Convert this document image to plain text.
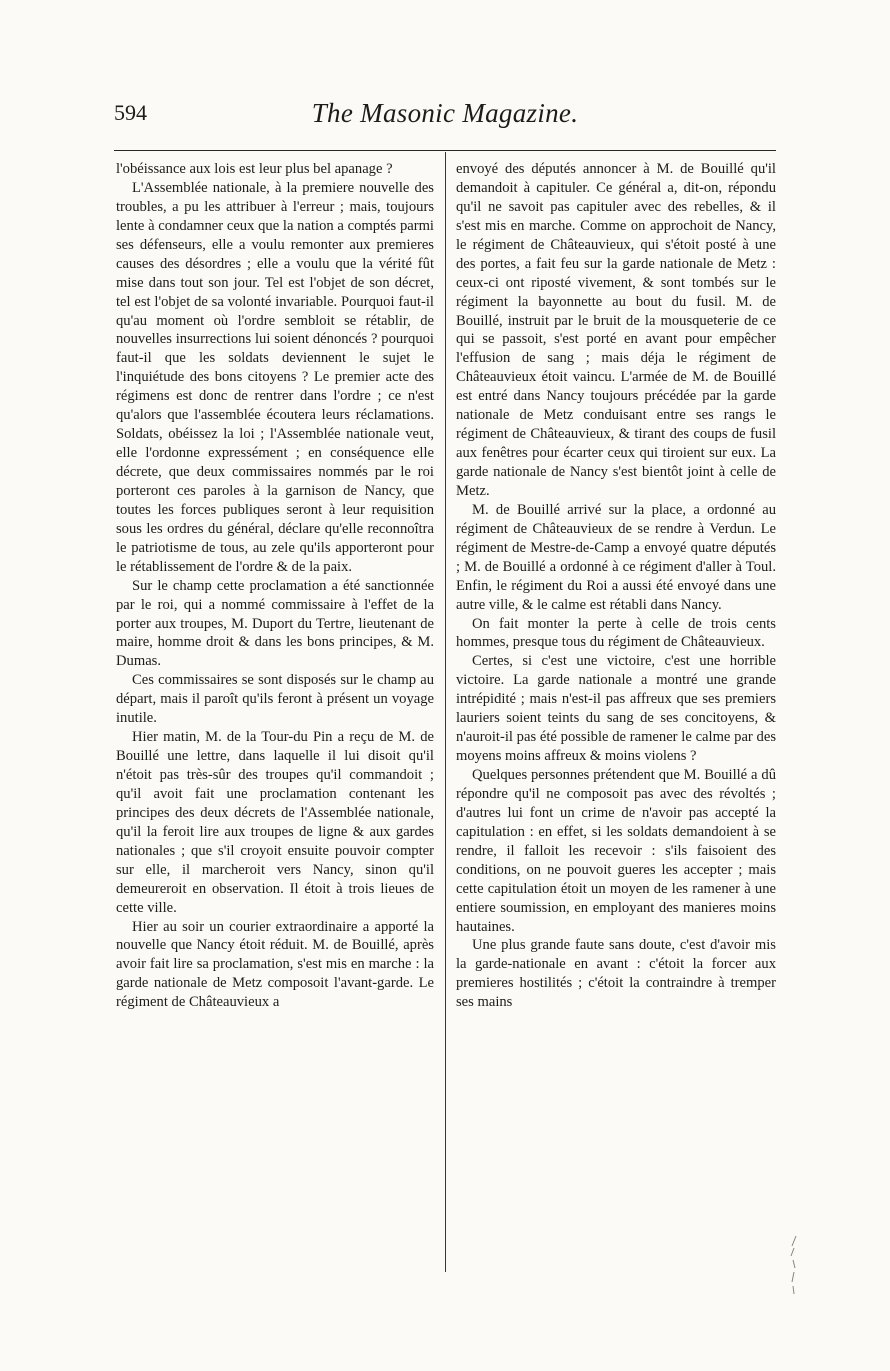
594	The Masonic Magazine.

l'obéissance aux lois est leur plus bel apanage ?

L'Assemblée nationale, à la premiere nouvelle des troubles, a pu les attribuer à l'erreur ; mais, toujours lente à condamner ceux que la nation a comptés parmi ses défenseurs, elle a voulu remonter aux premieres causes des désordres ; elle a voulu que la vérité fût mise dans tout son jour. Tel est l'objet de son décret, tel est l'objet de sa volonté invariable. Pourquoi faut-il qu'au moment où l'ordre sembloit se rétablir, de nouvelles insurrections lui soient dénoncés ? pourquoi faut-il que les soldats deviennent le sujet le l'inquiétude des bons citoyens ? Le premier acte des régimens est donc de rentrer dans l'ordre ; ce n'est qu'alors que l'assemblée écoutera leurs réclamations. Soldats, obéissez la loi ; l'Assemblée nationale veut, elle l'ordonne expressément ; en conséquence elle décrete, que deux commissaires nommés par le roi porteront ces paroles à la garnison de Nancy, que toutes les forces publiques seront à leur requisition sous les ordres du général, déclare qu'elle reconnoîtra le patriotisme de tous, au zele qu'ils apporteront pour le rétablissement de l'ordre & de la paix.

Sur le champ cette proclamation a été sanctionnée par le roi, qui a nommé commissaire à l'effet de la porter aux troupes, M. Duport du Tertre, lieutenant de maire, homme droit & dans les bons principes, & M. Dumas.

Ces commissaires se sont disposés sur le champ au départ, mais il paroît qu'ils feront à présent un voyage inutile.

Hier matin, M. de la Tour-du Pin a reçu de M. de Bouillé une lettre, dans laquelle il lui disoit qu'il n'étoit pas très-sûr des troupes qu'il commandoit ; qu'il avoit fait une proclamation contenant les principes des deux décrets de l'Assemblée nationale, qu'il la feroit lire aux troupes de ligne & aux gardes nationales ; que s'il croyoit ensuite pouvoir compter sur elle, il marcheroit vers Nancy, sinon qu'il demeureroit en observation. Il étoit à trois lieues de cette ville.

Hier au soir un courier extraordinaire a apporté la nouvelle que Nancy étoit réduit. M. de Bouillé, après avoir fait lire sa proclamation, s'est mis en marche : la garde nationale de Metz composoit l'avant-garde. Le régiment de Châteauvieux a

envoyé des députés annoncer à M. de Bouillé qu'il demandoit à capituler. Ce général a, dit-on, répondu qu'il ne savoit pas capituler avec des rebelles, & il s'est mis en marche. Comme on approchoit de Nancy, le régiment de Châteauvieux, qui s'étoit posté à une des portes, a fait feu sur la garde nationale de Metz : ceux-ci ont riposté vivement, & sont tombés sur le régiment la bayonnette au bout du fusil. M. de Bouillé, instruit par le bruit de la mousqueterie de ce qui se passoit, s'est porté en avant pour empêcher l'effusion de sang ; mais déja le régiment de Châteauvieux étoit vaincu. L'armée de M. de Bouillé est entré dans Nancy toujours précédée par la garde nationale de Metz conduisant entre ses rangs le régiment de Châteauvieux, & tirant des coups de fusil aux fenêtres pour écarter ceux qui tiroient sur eux. La garde nationale de Nancy s'est bientôt joint à celle de Metz.

M. de Bouillé arrivé sur la place, a ordonné au régiment de Châteauvieux de se rendre à Verdun. Le régiment de Mestre-de-Camp a envoyé quatre députés ; M. de Bouillé a ordonné à ce régiment d'aller à Toul. Enfin, le régiment du Roi a aussi été envoyé dans une autre ville, & le calme est rétabli dans Nancy.

On fait monter la perte à celle de trois cents hommes, presque tous du régiment de Châteauvieux.

Certes, si c'est une victoire, c'est une horrible victoire. La garde nationale a montré une grande intrépidité ; mais n'est-il pas affreux que ses premiers lauriers soient teints du sang de ses concitoyens, & n'auroit-il pas été possible de ramener le calme par des moyens moins affreux & moins violens ?

Quelques personnes prétendent que M. Bouillé a dû répondre qu'il ne composoit pas avec des révoltés ; d'autres lui font un crime de n'avoir pas accepté la capitulation : en effet, si les soldats demandoient à se rendre, il falloit les recevoir : s'ils faisoient des conditions, on ne pouvoit gueres les accepter ; mais cette capitulation étoit un moyen de les ramener à une entiere soumission, en employant des manieres moins hautaines.

Une plus grande faute sans doute, c'est d'avoir mis la garde-nationale en avant : c'étoit la forcer aux premieres hostilités ; c'étoit la contraindre à tremper ses mains
